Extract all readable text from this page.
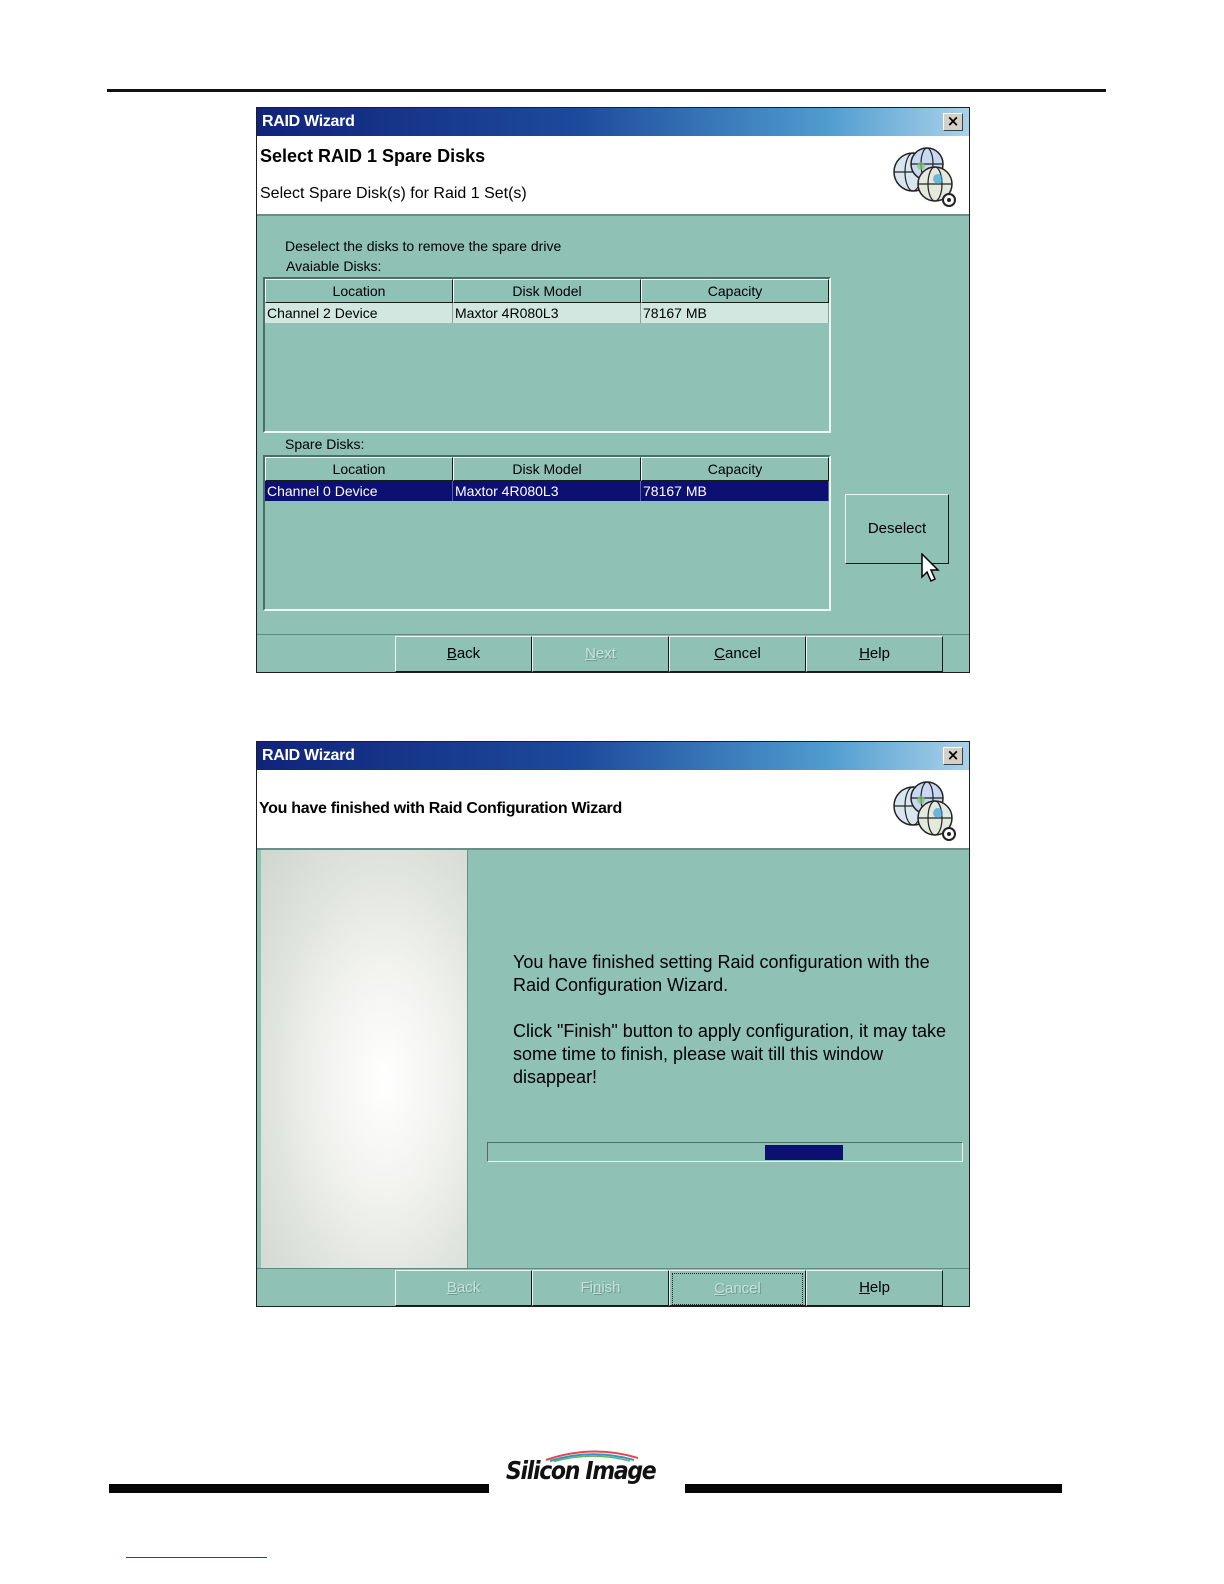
RAID Wizard	×
Select RAID 1 Spare Disks
Select Spare Disk(s) for Raid 1 Set(s)
Deselect the disks to remove the spare drive
Avaiable Disks:
Location	Disk Model	Capacity
Channel 2 Device	Maxtor 4R080L3	78167 MB
Spare Disks:
Location	Disk Model	Capacity
Channel 0 Device	Maxtor 4R080L3	78167 MB
Deselect
Back	Next	Cancel	Help
RAID Wizard	×
You have finished with Raid Configuration Wizard
You have finished setting Raid configuration with the Raid Configuration Wizard.
Click "Finish" button to apply configuration, it may take some time to finish, please wait till this window disappear!
Back	Finish	Cancel	Help
Silicon Image
